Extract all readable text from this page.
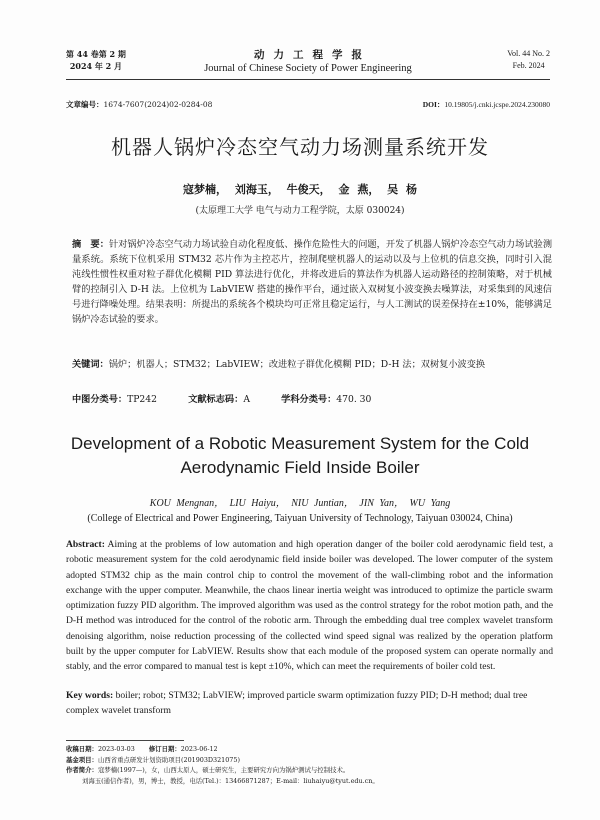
第 44 卷第 2 期
2024 年 2 月
动力工程学报
Journal of Chinese Society of Power Engineering
Vol. 44 No. 2
Feb. 2024
文章编号：1674-7607(2024)02-0284-08	DOI：10.19805/j.cnki.jcspe.2024.230080
机器人锅炉冷态空气动力场测量系统开发
寇梦楠， 刘海玉， 牛俊天， 金 燕， 吴 杨
(太原理工大学 电气与动力工程学院，太原 030024)
摘　要：针对锅炉冷态空气动力场试验自动化程度低、操作危险性大的问题，开发了机器人锅炉冷态空气动力场试验测量系统。系统下位机采用 STM32 芯片作为主控芯片，控制爬壁机器人的运动以及与上位机的信息交换，同时引入混沌线性惯性权重对粒子群优化模糊 PID 算法进行优化，并将改进后的算法作为机器人运动路径的控制策略，对于机械臂的控制引入 D-H 法。上位机为 LabVIEW 搭建的操作平台，通过嵌入双树复小波变换去噪算法，对采集到的风速信号进行降噪处理。结果表明：所提出的系统各个模块均可正常且稳定运行，与人工测试的误差保持在±10%，能够满足锅炉冷态试验的要求。
关键词：锅炉；机器人；STM32；LabVIEW；改进粒子群优化模糊 PID；D-H 法；双树复小波变换
中图分类号：TP242	文献标志码：A	学科分类号：470. 30
Development of a Robotic Measurement System for the Cold
Aerodynamic Field Inside Boiler
KOU Mengnan， LIU Haiyu， NIU Juntian， JIN Yan， WU Yang
(College of Electrical and Power Engineering, Taiyuan University of Technology, Taiyuan 030024, China)
Abstract: Aiming at the problems of low automation and high operation danger of the boiler cold aerodynamic field test, a robotic measurement system for the cold aerodynamic field inside boiler was developed. The lower computer of the system adopted STM32 chip as the main control chip to control the movement of the wall-climbing robot and the information exchange with the upper computer. Meanwhile, the chaos linear inertia weight was introduced to optimize the particle swarm optimization fuzzy PID algorithm. The improved algorithm was used as the control strategy for the robot motion path, and the D-H method was introduced for the control of the robotic arm. Through the embedding dual tree complex wavelet transform denoising algorithm, noise reduction processing of the collected wind speed signal was realized by the operation platform built by the upper computer for LabVIEW. Results show that each module of the proposed system can operate normally and stably, and the error compared to manual test is kept ±10%, which can meet the requirements of boiler cold test.
Key words: boiler; robot; STM32; LabVIEW; improved particle swarm optimization fuzzy PID; D-H method; dual tree complex wavelet transform
收稿日期：2023-03-03 修订日期：2023-06-12
基金项目：山西省重点研发计划资助项目(201903D321075)
作者简介：寇梦楠(1997—)，女，山西太原人，硕士研究生，主要研究方向为锅炉测试与控制技术。
刘海玉(通信作者)，男，博士，教授，电话(Tel.)：13466871287；E-mail：liuhaiyu@tyut.edu.cn。
